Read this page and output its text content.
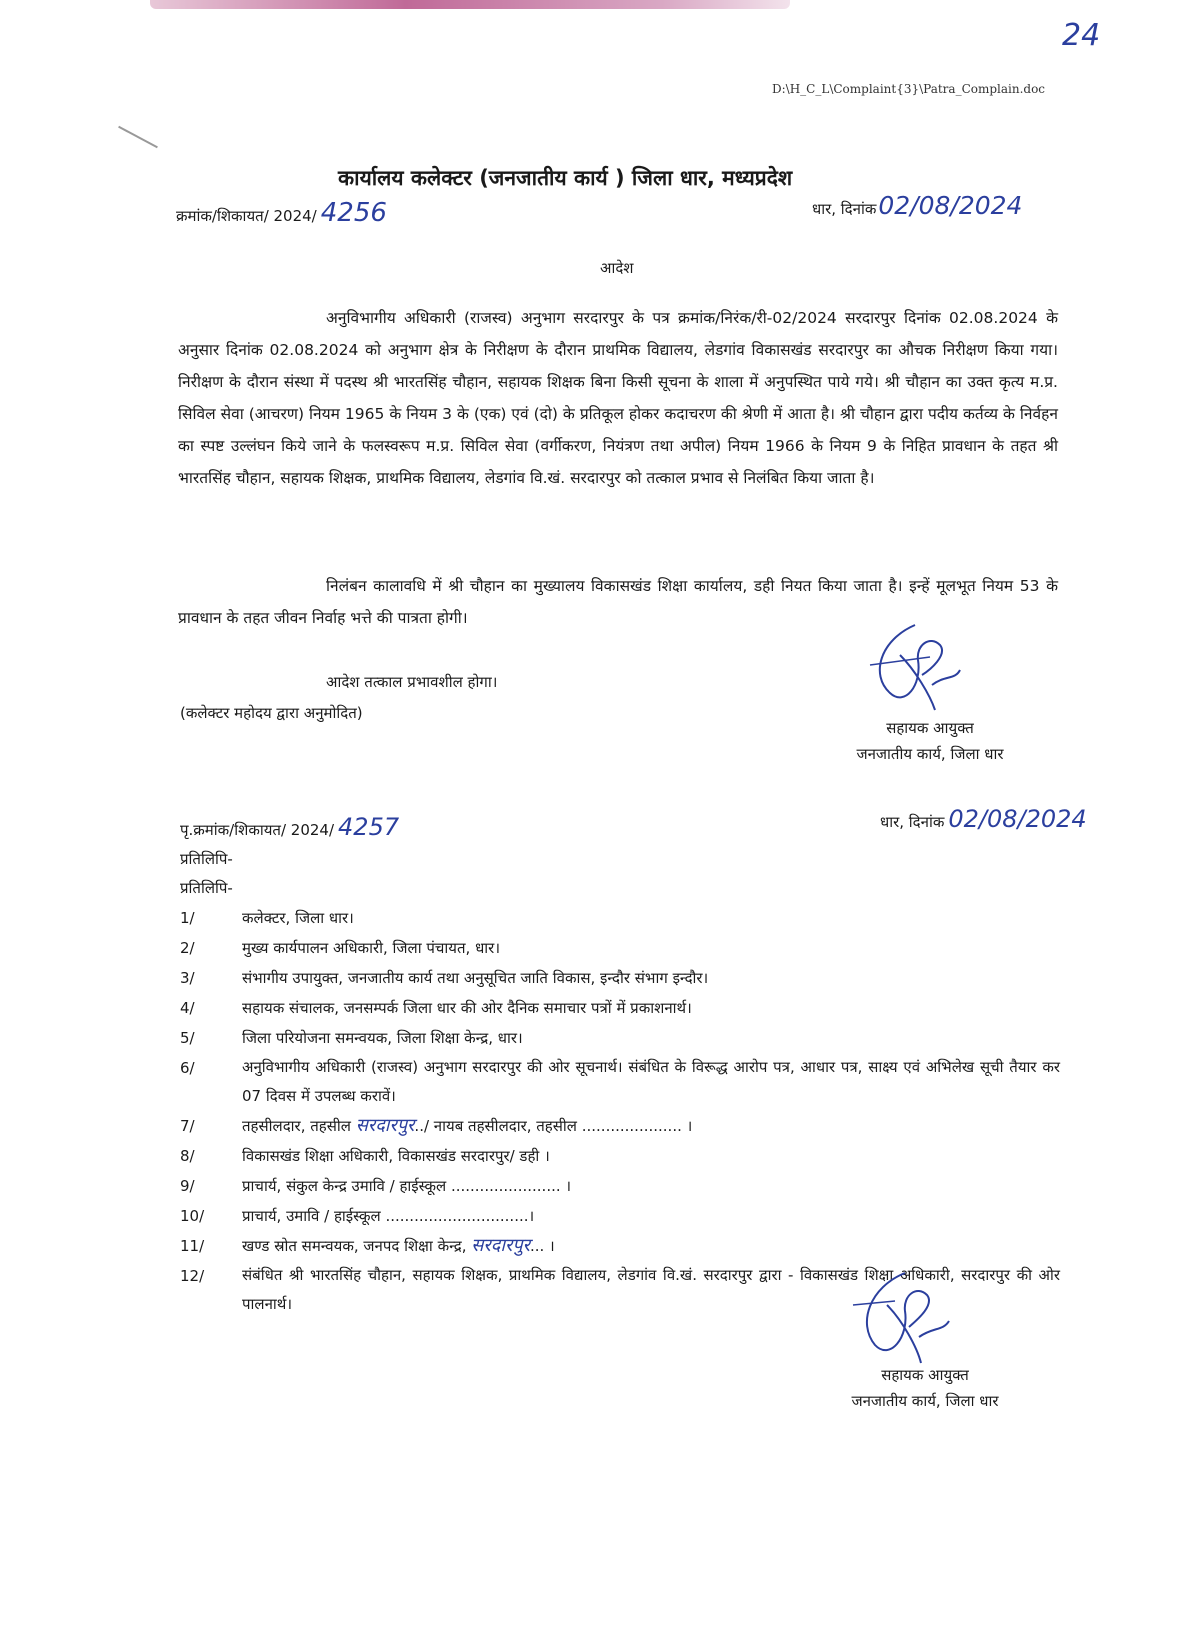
24
D:\H_C_L\Complaint{3}\Patra_Complain.doc
कार्यालय कलेक्टर (जनजातीय कार्य ) जिला धार, मध्यप्रदेश
क्रमांक/शिकायत/ 2024/ 4256	धार, दिनांक02/08/2024
आदेश
अनुविभागीय अधिकारी (राजस्व) अनुभाग सरदारपुर के पत्र क्रमांक/निरंक/री-02/2024 सरदारपुर दिनांक 02.08.2024 के अनुसार दिनांक 02.08.2024 को अनुभाग क्षेत्र के निरीक्षण के दौरान प्राथमिक विद्यालय, लेडगांव विकासखंड सरदारपुर का औचक निरीक्षण किया गया। निरीक्षण के दौरान संस्था में पदस्थ श्री भारतसिंह चौहान, सहायक शिक्षक बिना किसी सूचना के शाला में अनुपस्थित पाये गये। श्री चौहान का उक्त कृत्य म.प्र. सिविल सेवा (आचरण) नियम 1965 के नियम 3 के (एक) एवं (दो) के प्रतिकूल होकर कदाचरण की श्रेणी में आता है। श्री चौहान द्वारा पदीय कर्तव्य के निर्वहन का स्पष्ट उल्लंघन किये जाने के फलस्वरूप म.प्र. सिविल सेवा (वर्गीकरण, नियंत्रण तथा अपील) नियम 1966 के नियम 9 के निहित प्रावधान के तहत श्री भारतसिंह चौहान, सहायक शिक्षक, प्राथमिक विद्यालय, लेडगांव वि.खं. सरदारपुर को तत्काल प्रभाव से निलंबित किया जाता है।
निलंबन कालावधि में श्री चौहान का मुख्यालय विकासखंड शिक्षा कार्यालय, डही नियत किया जाता है। इन्हें मूलभूत नियम 53 के प्रावधान के तहत जीवन निर्वाह भत्ते की पात्रता होगी।
आदेश तत्काल प्रभावशील होगा।
(कलेक्टर महोदय द्वारा अनुमोदित)
सहायक आयुक्त
जनजातीय कार्य, जिला धार
पृ.क्रमांक/शिकायत/ 2024/ 4257	धार, दिनांक 02/08/2024
प्रतिलिपि-
प्रतिलिपि-
1/	कलेक्टर, जिला धार।
2/	मुख्य कार्यपालन अधिकारी, जिला पंचायत, धार।
3/	संभागीय उपायुक्त, जनजातीय कार्य तथा अनुसूचित जाति विकास, इन्दौर संभाग इन्दौर।
4/	सहायक संचालक, जनसम्पर्क जिला धार की ओर दैनिक समाचार पत्रों में प्रकाशनार्थ।
5/	जिला परियोजना समन्वयक, जिला शिक्षा केन्द्र, धार।
6/	अनुविभागीय अधिकारी (राजस्व) अनुभाग सरदारपुर की ओर सूचनार्थ। संबंधित के विरूद्ध आरोप पत्र, आधार पत्र, साक्ष्य एवं अभिलेख सूची तैयार कर 07 दिवस में उपलब्ध करावें।
7/	तहसीलदार, तहसील सरदारपुर../ नायब तहसीलदार, तहसील ..................... ।
8/	विकासखंड शिक्षा अधिकारी, विकासखंड सरदारपुर/ डही ।
9/	प्राचार्य, संकुल केन्द्र उमावि / हाईस्कूल ....................... ।
10/	प्राचार्य, उमावि / हाईस्कूल ..............................।
11/	खण्ड स्रोत समन्वयक, जनपद शिक्षा केन्द्र, सरदारपुर... ।
12/	संबंधित श्री भारतसिंह चौहान, सहायक शिक्षक, प्राथमिक विद्यालय, लेडगांव वि.खं. सरदारपुर द्वारा - विकासखंड शिक्षा अधिकारी, सरदारपुर की ओर पालनार्थ।
सहायक आयुक्त
जनजातीय कार्य, जिला धार
